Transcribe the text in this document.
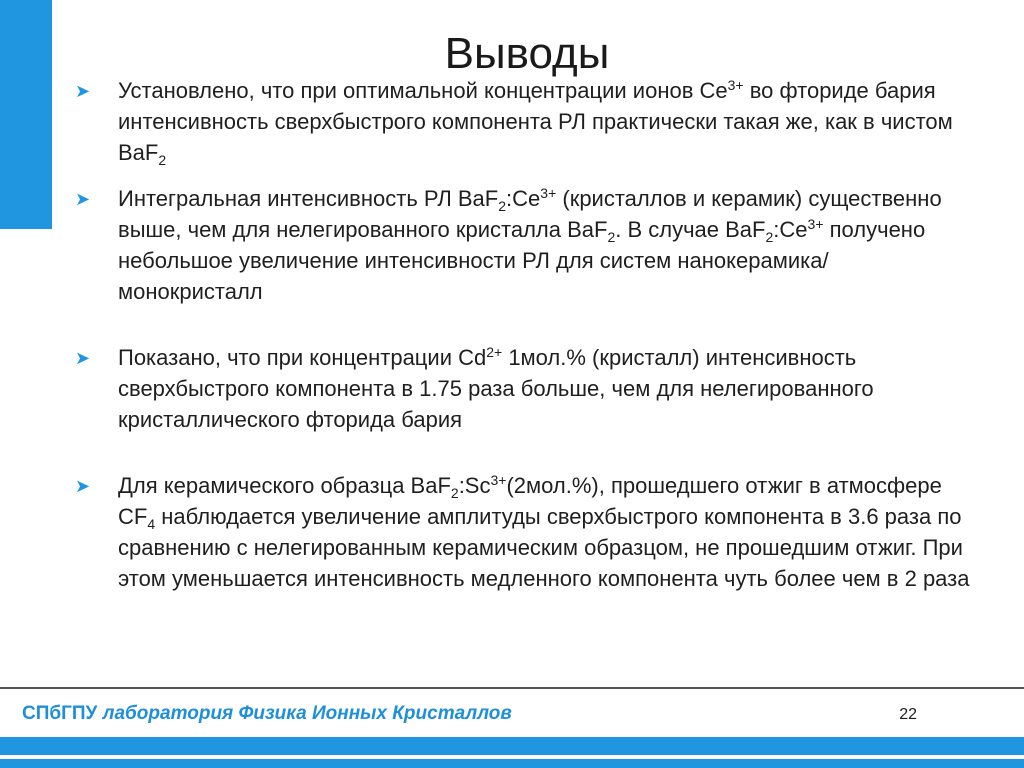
Выводы
➤ Установлено, что при оптимальной концентрации ионов $Ce^{3+}$ во фториде бария интенсивность сверхбыстрого компонента РЛ практически такая же, как в чистом BaF$_2$
➤ Интегральная интенсивность РЛ $BaF_2:Ce^{3+}$ (кристаллов и керамик) существенно выше, чем для нелегированного кристалла BaF$_2$. В случае $BaF_2:Ce^{3+}$ получено небольшое увеличение интенсивности РЛ для систем нанокерамика/монокристалл
➤ Показано, что при концентрации $Cd^{2+}$ 1мол.% (кристалл) интенсивность сверхбыстрого компонента в 1.75 раза больше, чем для нелегированного кристаллического фторида бария
➤ Для керамического образца $BaF_2:Sc^{3+}(2мол.\%)$, прошедшего отжиг в атмосфере $CF_4$ наблюдается увеличение амплитуды сверхбыстрого компонента в 3.6 раза по сравнению с нелегированным керамическим образцом, не прошедшим отжиг. При этом уменьшается интенсивность медленного компонента чуть более чем в 2 раза
СПбГПУ лаборатория Физика Ионных Кристаллов	22
